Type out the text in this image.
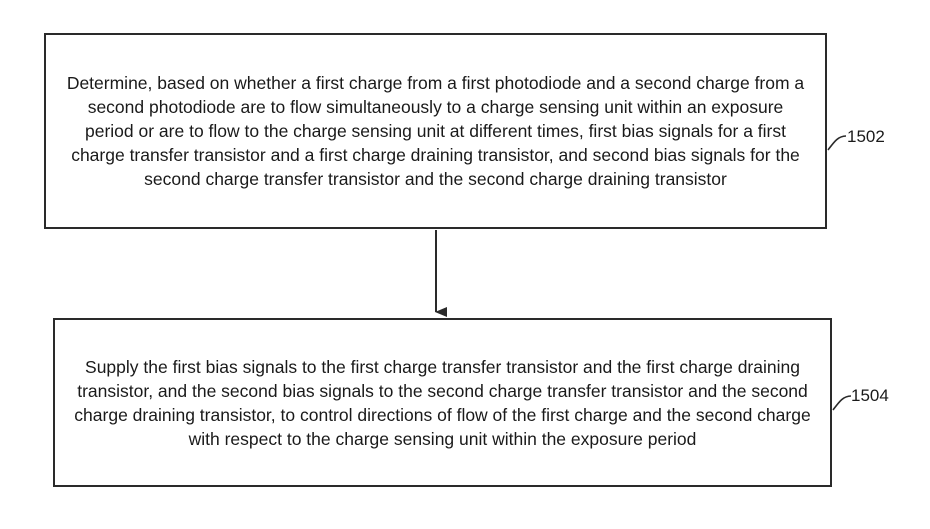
Determine, based on whether a first charge from a first photodiode and a second charge from a second photodiode are to flow simultaneously to a charge sensing unit within an exposure period or are to flow to the charge sensing unit at different times, first bias signals for a first charge transfer transistor and a first charge draining transistor, and second bias signals for the second charge transfer transistor and the second charge draining transistor
Supply the first bias signals to the first charge transfer transistor and the first charge draining transistor, and the second bias signals to the second charge transfer transistor and the second charge draining transistor, to control directions of flow of the first charge and the second charge with respect to the charge sensing unit within the exposure period
1502
1504
